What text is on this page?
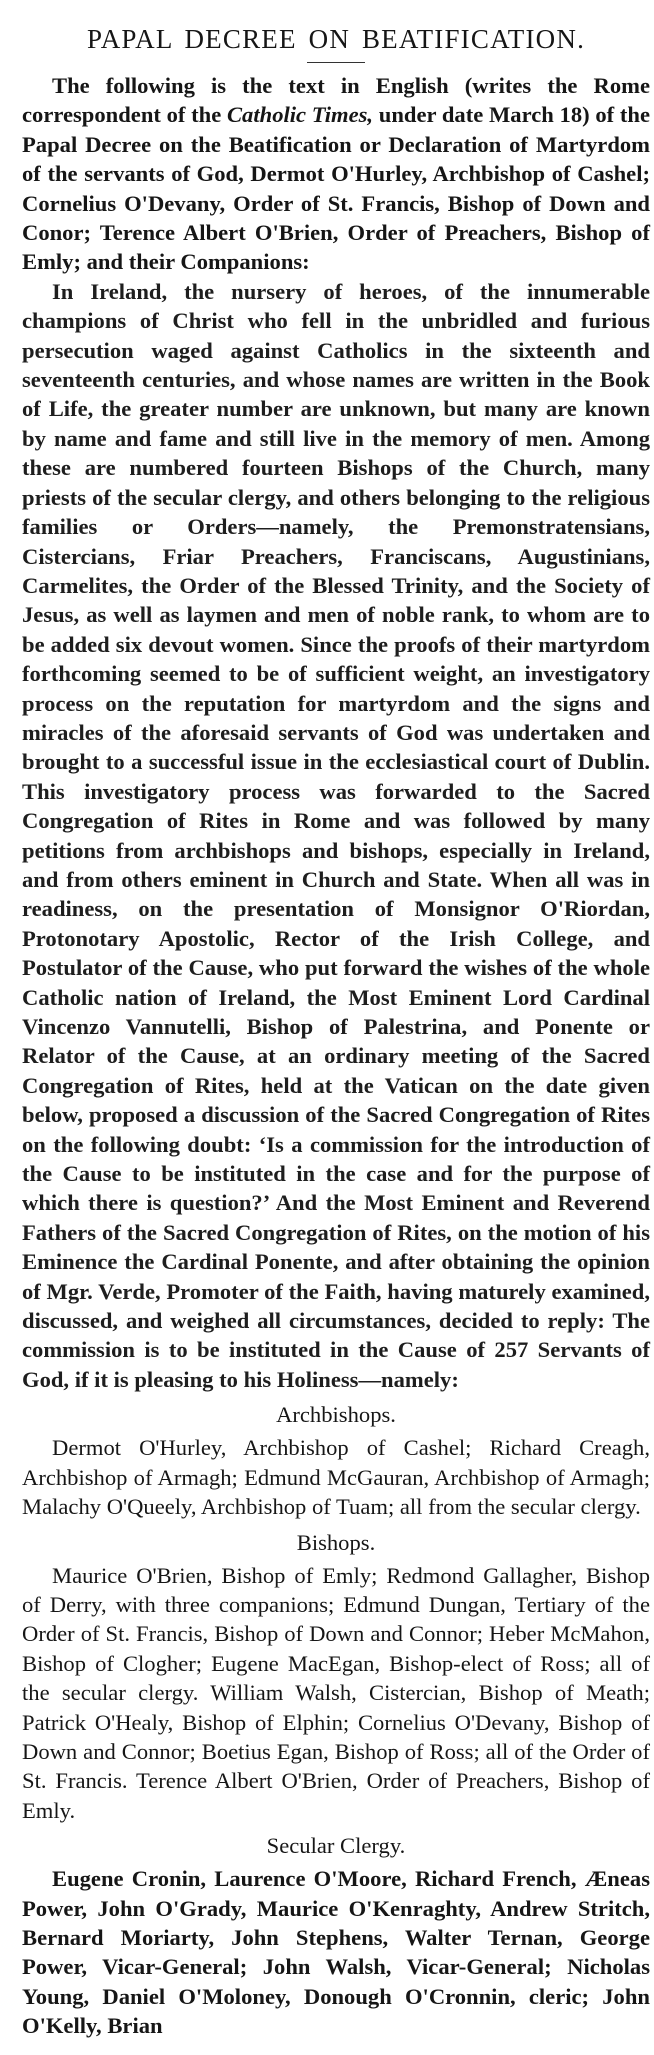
PAPAL DECREE ON BEATIFICATION.

The following is the text in English (writes the Rome correspondent of the Catholic Times, under date March 18) of the Papal Decree on the Beatification or Declaration of Martyrdom of the servants of God, Dermot O'Hurley, Archbishop of Cashel; Cornelius O'Devany, Order of St. Francis, Bishop of Down and Conor; Terence Albert O'Brien, Order of Preachers, Bishop of Emly; and their Companions:

In Ireland, the nursery of heroes, of the innumerable champions of Christ who fell in the unbridled and furious persecution waged against Catholics in the sixteenth and seventeenth centuries, and whose names are written in the Book of Life, the greater number are unknown, but many are known by name and fame and still live in the memory of men. Among these are numbered fourteen Bishops of the Church, many priests of the secular clergy, and others belonging to the religious families or Orders—namely, the Premonstratensians, Cistercians, Friar Preachers, Franciscans, Augustinians, Carmelites, the Order of the Blessed Trinity, and the Society of Jesus, as well as laymen and men of noble rank, to whom are to be added six devout women. Since the proofs of their martyrdom forthcoming seemed to be of sufficient weight, an investigatory process on the reputation for martyrdom and the signs and miracles of the aforesaid servants of God was undertaken and brought to a successful issue in the ecclesiastical court of Dublin. This investigatory process was forwarded to the Sacred Congregation of Rites in Rome and was followed by many petitions from archbishops and bishops, especially in Ireland, and from others eminent in Church and State. When all was in readiness, on the presentation of Monsignor O'Riordan, Protonotary Apostolic, Rector of the Irish College, and Postulator of the Cause, who put forward the wishes of the whole Catholic nation of Ireland, the Most Eminent Lord Cardinal Vincenzo Vannutelli, Bishop of Palestrina, and Ponente or Relator of the Cause, at an ordinary meeting of the Sacred Congregation of Rites, held at the Vatican on the date given below, proposed a discussion of the Sacred Congregation of Rites on the following doubt: ‘Is a commission for the introduction of the Cause to be instituted in the case and for the purpose of which there is question?’ And the Most Eminent and Reverend Fathers of the Sacred Congregation of Rites, on the motion of his Eminence the Cardinal Ponente, and after obtaining the opinion of Mgr. Verde, Promoter of the Faith, having maturely examined, discussed, and weighed all circumstances, decided to reply: The commission is to be instituted in the Cause of 257 Servants of God, if it is pleasing to his Holiness—namely:

Archbishops.

Dermot O'Hurley, Archbishop of Cashel; Richard Creagh, Archbishop of Armagh; Edmund McGauran, Archbishop of Armagh; Malachy O'Queely, Archbishop of Tuam; all from the secular clergy.

Bishops.

Maurice O'Brien, Bishop of Emly; Redmond Gallagher, Bishop of Derry, with three companions; Edmund Dungan, Tertiary of the Order of St. Francis, Bishop of Down and Connor; Heber McMahon, Bishop of Clogher; Eugene MacEgan, Bishop-elect of Ross; all of the secular clergy. William Walsh, Cistercian, Bishop of Meath; Patrick O'Healy, Bishop of Elphin; Cornelius O'Devany, Bishop of Down and Connor; Boetius Egan, Bishop of Ross; all of the Order of St. Francis. Terence Albert O'Brien, Order of Preachers, Bishop of Emly.

Secular Clergy.

Eugene Cronin, Laurence O'Moore, Richard French, Æneas Power, John O'Grady, Maurice O'Kenraghty, Andrew Stritch, Bernard Moriarty, John Stephens, Walter Ternan, George Power, Vicar-General; John Walsh, Vicar-General; Nicholas Young, Daniel O'Moloney, Donough O'Cronnin, cleric; John O'Kelly, Brian
